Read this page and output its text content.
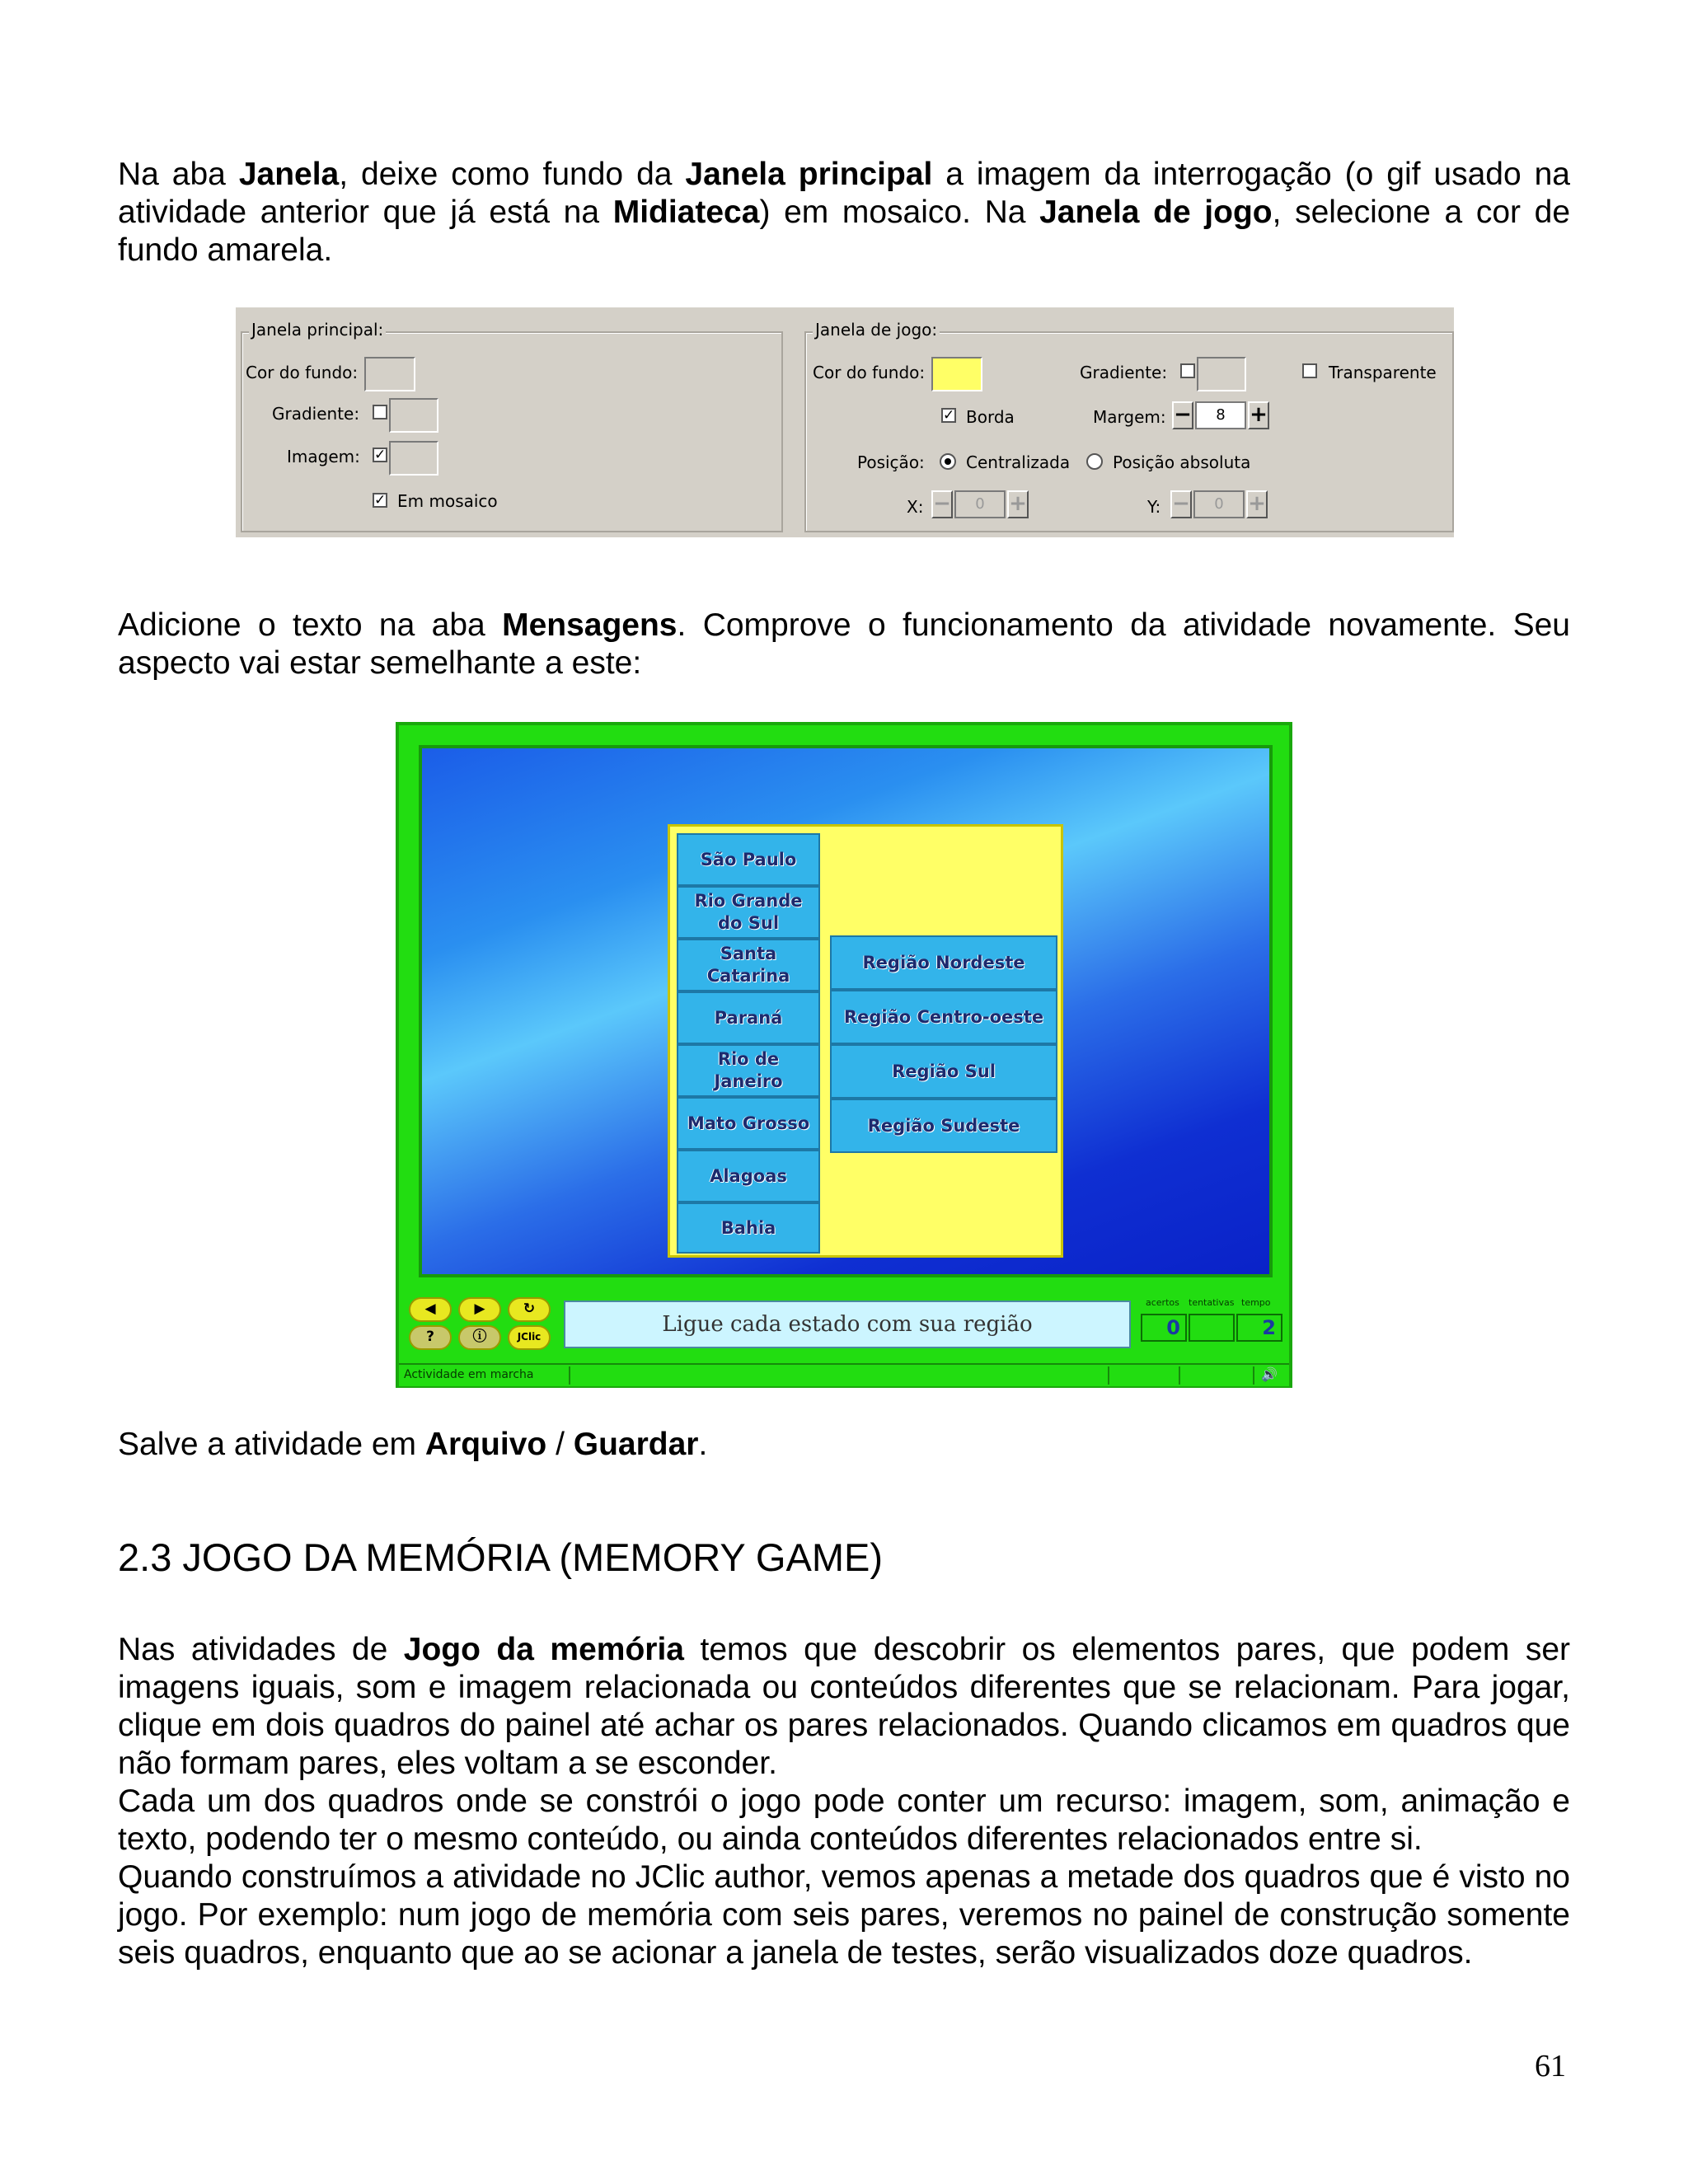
Na aba Janela, deixe como fundo da Janela principal a imagem da interrogação (o gif usado na atividade anterior que já está na Midiateca) em mosaico. Na Janela de jogo, selecione a cor de fundo amarela.

Janela principal:
Cor do fundo:
Gradiente:
Imagem: ✓
✓ Em mosaico
Janela de jogo:
Cor do fundo:	Gradiente:	Transparente
✓ Borda	Margem: −	8	+
Posição:	Centralizada	Posição absoluta
X: −	0	+	Y: −	0	+

Adicione o texto na aba Mensagens. Comprove o funcionamento da atividade novamente. Seu aspecto vai estar semelhante a este:

São Paulo
Rio Grande do Sul
Santa Catarina
Paraná
Rio de Janeiro
Mato Grosso
Alagoas
Bahia
Região Nordeste
Região Centro-oeste
Região Sul
Região Sudeste
◀	▶	↻
?	ⓘ	JClic	Ligue cada estado com sua região
acertos tentativas tempo
0	2
Actividade em marcha	🔊

Salve a atividade em Arquivo / Guardar.

2.3 JOGO DA MEMÓRIA (MEMORY GAME)

Nas atividades de Jogo da memória temos que descobrir os elementos pares, que podem ser imagens iguais, som e imagem relacionada ou conteúdos diferentes que se relacionam. Para jogar, clique em dois quadros do painel até achar os pares relacionados. Quando clicamos em quadros que não formam pares, eles voltam a se esconder.

Cada um dos quadros onde se constrói o jogo pode conter um recurso: imagem, som, animação e texto, podendo ter o mesmo conteúdo, ou ainda conteúdos diferentes relacionados entre si.

Quando construímos a atividade no JClic author, vemos apenas a metade dos quadros que é visto no jogo. Por exemplo: num jogo de memória com seis pares, veremos no painel de construção somente seis quadros, enquanto que ao se acionar a janela de testes, serão visualizados doze quadros.

61
